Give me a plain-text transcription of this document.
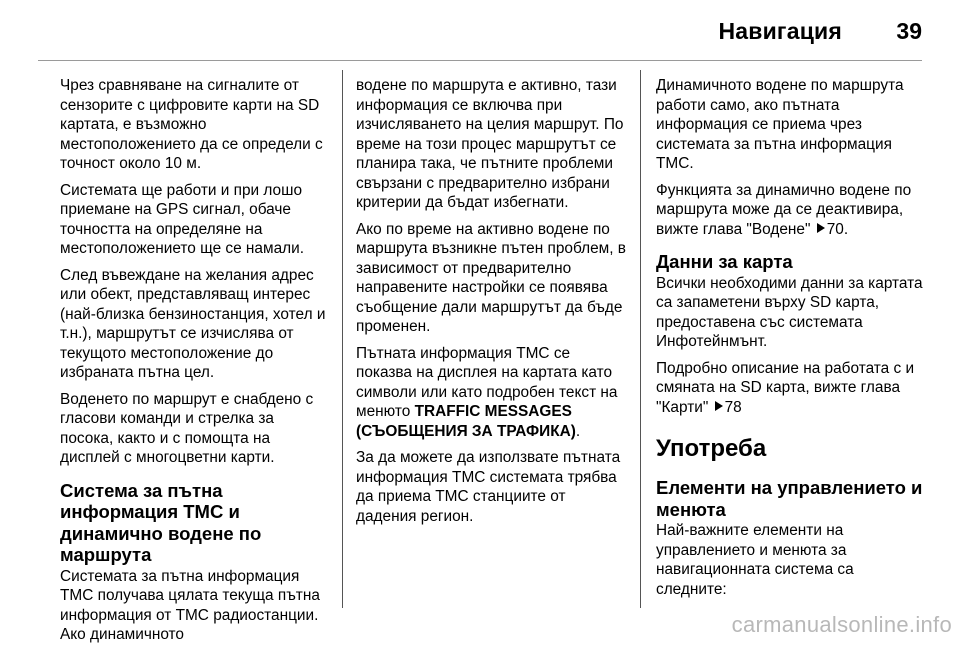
Навигация 39

Чрез сравняване на сигналите от сензорите с цифровите карти на SD картата, е възможно местоположението да се определи с точност около 10 м.

Системата ще работи и при лошо приемане на GPS сигнал, обаче точността на определяне на местоположението ще се намали.

След въвеждане на желания адрес или обект, представляващ интерес (най-близка бензиностанция, хотел и т.н.), маршрутът се изчислява от текущото местоположение до избраната пътна цел.

Воденето по маршрут е снабдено с гласови команди и стрелка за посока, както и с помощта на дисплей с многоцветни карти.

Система за пътна информация TMC и динамично водене по маршрута

Системата за пътна информация TMC получава цялата текуща пътна информация от TMC радиостанции. Ако динамичното

водене по маршрута е активно, тази информация се включва при изчисляването на целия маршрут. По време на този процес маршрутът се планира така, че пътните проблеми свързани с предварително избрани критерии да бъдат избегнати.

Ако по време на активно водене по маршрута възникне пътен проблем, в зависимост от предварително направените настройки се появява съобщение дали маршрутът да бъде променен.

Пътната информация TMC се показва на дисплея на картата като символи или като подробен текст на менюто TRAFFIC MESSAGES (СЪОБЩЕНИЯ ЗА ТРАФИКА).

За да можете да използвате пътната информация TMC системата трябва да приема TMC станциите от дадения регион.

Динамичното водене по маршрута работи само, ако пътната информация се приема чрез системата за пътна информация TMC.

Функцията за динамично водене по маршрута може да се деактивира, вижте глава "Водене" 70.

Данни за карта

Всички необходими данни за картата са запаметени върху SD карта, предоставена със системата Инфотейнмънт.

Подробно описание на работата с и смяната на SD карта, вижте глава "Карти" 78

Употреба
Елементи на управлението и менюта

Най-важните елементи на управлението и менюта за навигационната система са следните:

carmanualsonline.info
